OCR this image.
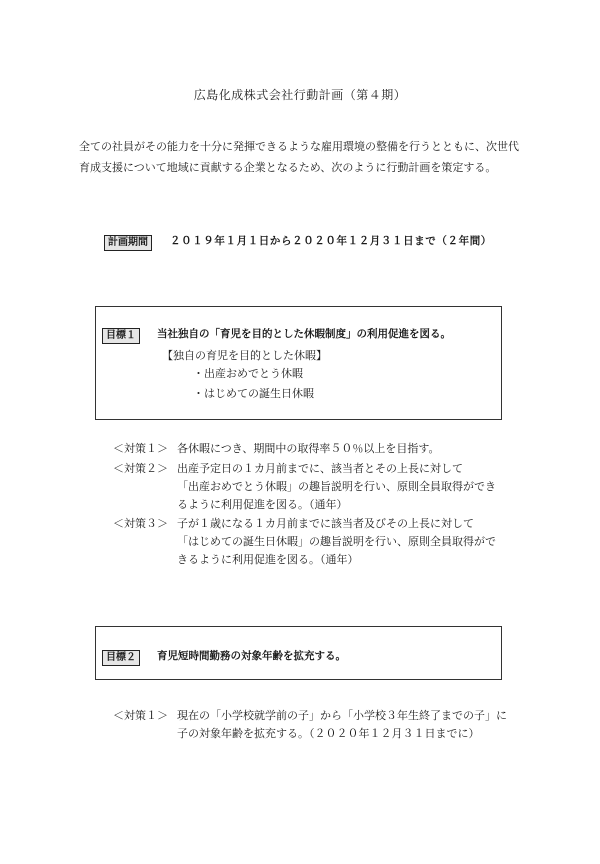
広島化成株式会社行動計画（第４期）
全ての社員がその能力を十分に発揮できるような雇用環境の整備を行うとともに、次世代
育成支援について地域に貢献する企業となるため、次のように行動計画を策定する。
計画期間	２０１９年１月１日から２０２０年１２月３１日まで（２年間）
目標１	当社独自の「育児を目的とした休暇制度」の利用促進を図る。
【独自の育児を目的とした休暇】
・出産おめでとう休暇
・はじめての誕生日休暇
＜対策１＞ 各休暇につき、期間中の取得率５０％以上を目指す。
＜対策２＞ 出産予定日の１カ月前までに、該当者とその上長に対して
「出産おめでとう休暇」の趣旨説明を行い、原則全員取得ができ
るように利用促進を図る。（通年）
＜対策３＞ 子が１歳になる１カ月前までに該当者及びその上長に対して
「はじめての誕生日休暇」の趣旨説明を行い、原則全員取得がで
きるように利用促進を図る。（通年）
目標２	育児短時間勤務の対象年齢を拡充する。
＜対策１＞ 現在の「小学校就学前の子」から「小学校３年生終了までの子」に
子の対象年齢を拡充する。（２０２０年１２月３１日までに）
